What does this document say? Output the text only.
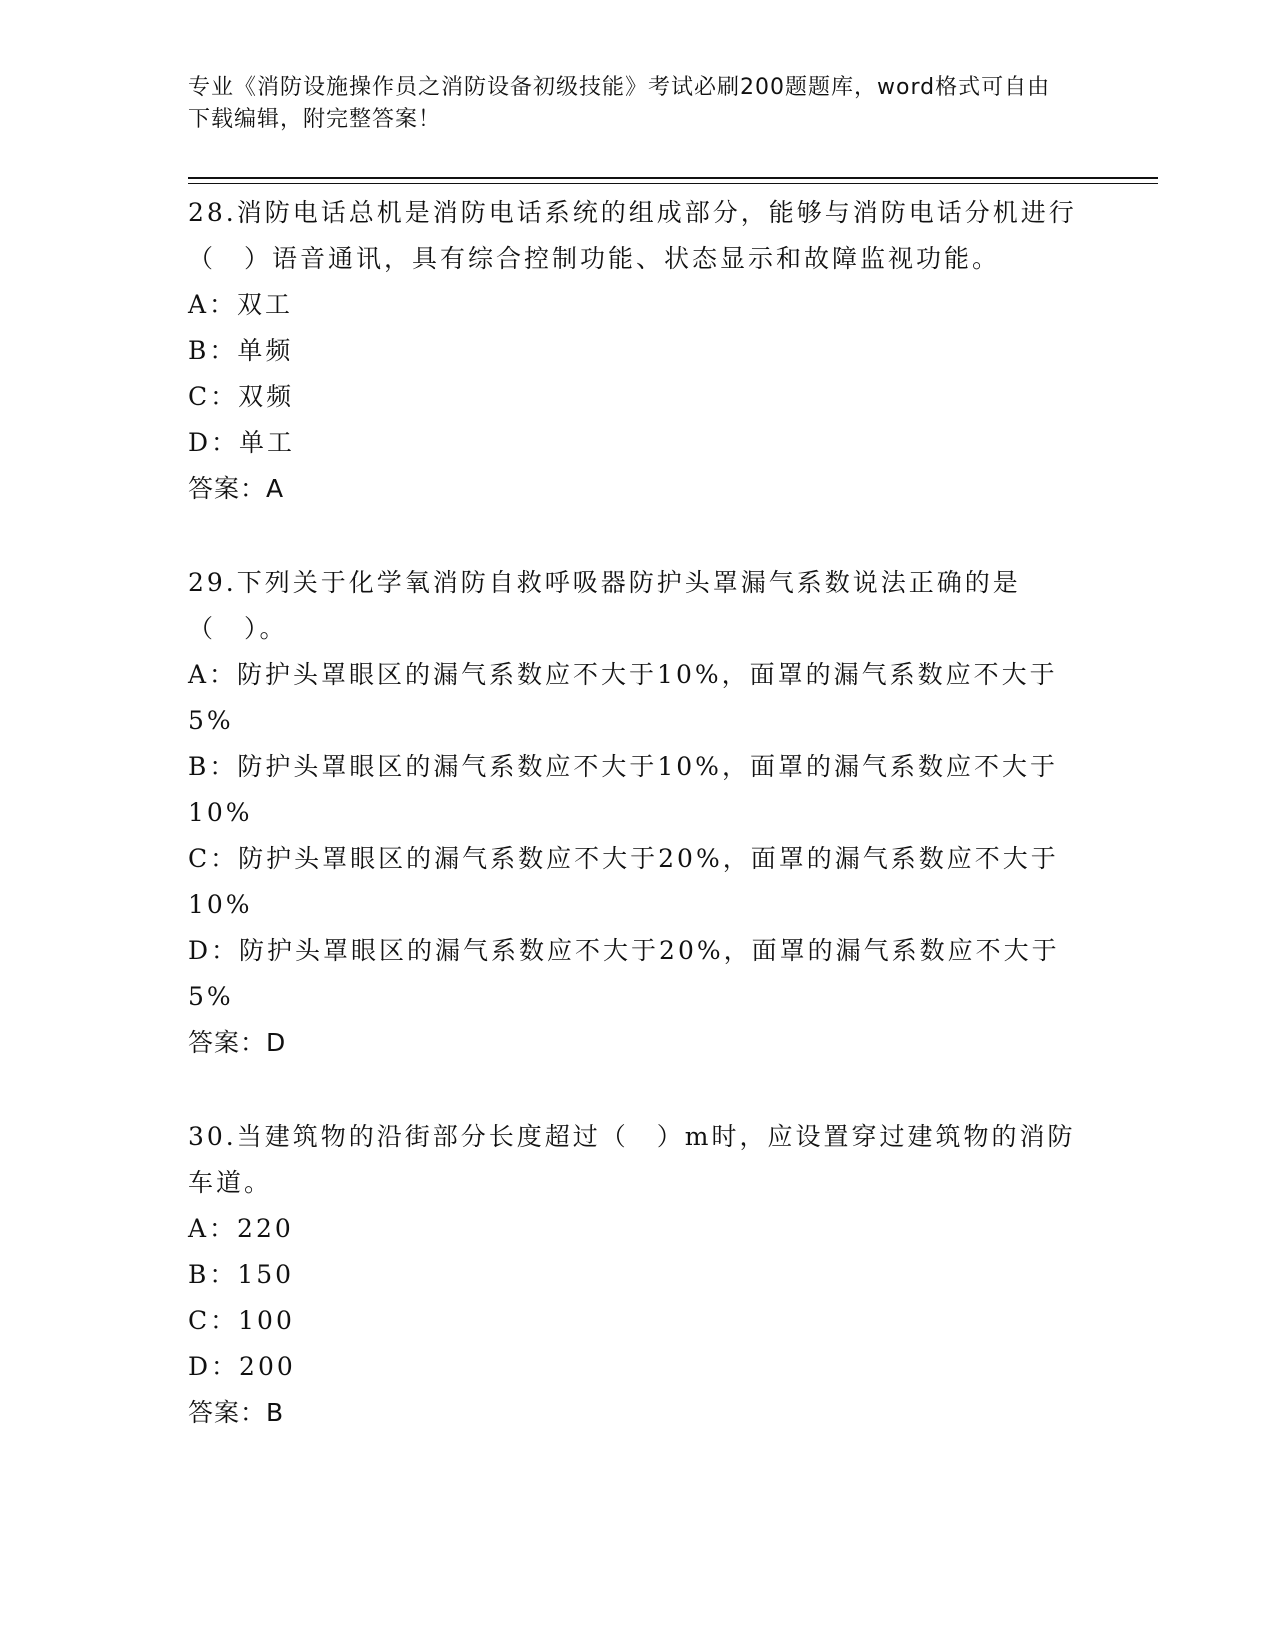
专业《消防设施操作员之消防设备初级技能》考试必刷200题题库，word格式可自由下载编辑，附完整答案！
28.消防电话总机是消防电话系统的组成部分，能够与消防电话分机进行（　）语音通讯，具有综合控制功能、状态显示和故障监视功能。
A：双工
B：单频
C：双频
D：单工
答案：A
29.下列关于化学氧消防自救呼吸器防护头罩漏气系数说法正确的是（　）。
A：防护头罩眼区的漏气系数应不大于10%，面罩的漏气系数应不大于5%
B：防护头罩眼区的漏气系数应不大于10%，面罩的漏气系数应不大于10%
C：防护头罩眼区的漏气系数应不大于20%，面罩的漏气系数应不大于10%
D：防护头罩眼区的漏气系数应不大于20%，面罩的漏气系数应不大于5%
答案：D
30.当建筑物的沿街部分长度超过（　）m时，应设置穿过建筑物的消防车道。
A：220
B：150
C：100
D：200
答案：B
